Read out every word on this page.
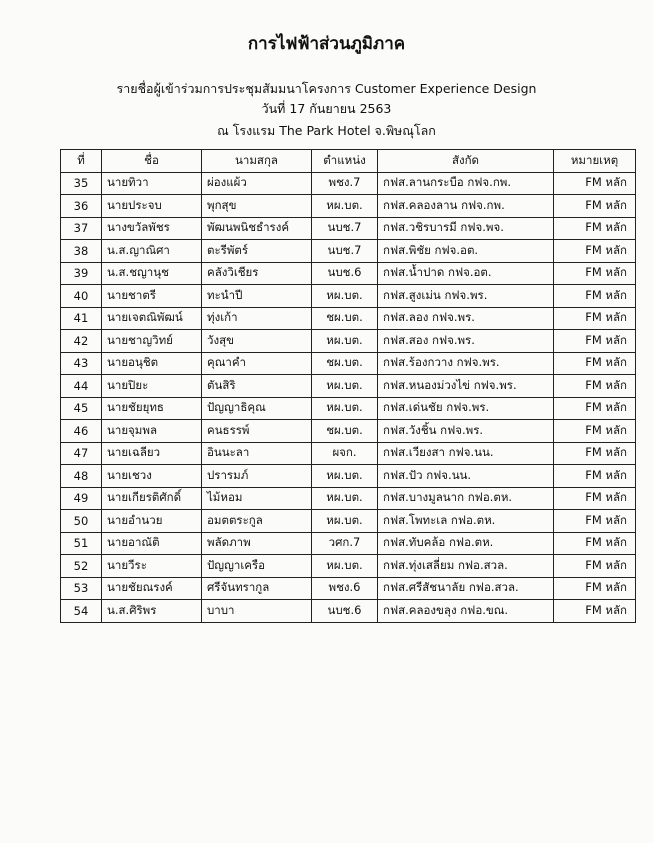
การไฟฟ้าส่วนภูมิภาค
รายชื่อผู้เข้าร่วมการประชุมสัมมนาโครงการ Customer Experience Design
วันที่ 17 กันยายน 2563
ณ โรงแรม The Park Hotel จ.พิษณุโลก
ที่	ชื่อ	นามสกุล	ตำแหน่ง	สังกัด	หมายเหตุ
35	นายทิวา	ผ่องแผ้ว	พชง.7	กฟส.ลานกระบือ กฟจ.กพ.	FM หลัก
36	นายประจบ	พุกสุข	หผ.บต.	กฟส.คลองลาน กฟจ.กพ.	FM หลัก
37	นางขวัลพัชร	พัฒนพนิชธำรงค์	นบช.7	กฟส.วชิรบารมี กฟจ.พจ.	FM หลัก
38	น.ส.ญาณิศา	ตะรีพัตร์	นบช.7	กฟส.พิชัย กฟจ.อต.	FM หลัก
39	น.ส.ชญานุช	คลังวิเชียร	นบช.6	กฟส.น้ำปาด กฟจ.อต.	FM หลัก
40	นายชาตรี	ทะนำปี	หผ.บต.	กฟส.สูงเม่น กฟจ.พร.	FM หลัก
41	นายเจตณิพัฒน์	ทุ่งเก้า	ชผ.บต.	กฟส.ลอง กฟจ.พร.	FM หลัก
42	นายชาญวิทย์	วังสุข	หผ.บต.	กฟส.สอง กฟจ.พร.	FM หลัก
43	นายอนุชิต	คุณาคำ	ชผ.บต.	กฟส.ร้องกวาง กฟจ.พร.	FM หลัก
44	นายปิยะ	ตันสิริ	หผ.บต.	กฟส.หนองม่วงไข่ กฟจ.พร.	FM หลัก
45	นายชัยยุทธ	ปัญญาธิคุณ	หผ.บต.	กฟส.เด่นชัย กฟจ.พร.	FM หลัก
46	นายจุมพล	คนธรรพ์	ชผ.บต.	กฟส.วังชิ้น กฟจ.พร.	FM หลัก
47	นายเฉลียว	อินนะลา	ผจก.	กฟส.เวียงสา กฟจ.นน.	FM หลัก
48	นายเชวง	ปรารมภ์	หผ.บต.	กฟส.ปัว กฟจ.นน.	FM หลัก
49	นายเกียรติศักดิ์	ไม้หอม	หผ.บต.	กฟส.บางมูลนาก กฟอ.ตห.	FM หลัก
50	นายอำนวย	อมตตระกูล	หผ.บต.	กฟส.โพทะเล กฟอ.ตห.	FM หลัก
51	นายอาณัติ	พลัดภาพ	วศก.7	กฟส.ทับคล้อ กฟอ.ตห.	FM หลัก
52	นายวีระ	ปัญญาเครือ	หผ.บต.	กฟส.ทุ่งเสลี่ยม กฟอ.สวล.	FM หลัก
53	นายชัยณรงค์	ศรีจันทรากูล	พชง.6	กฟส.ศรีสัชนาลัย กฟอ.สวล.	FM หลัก
54	น.ส.ศิริพร	บาบา	นบช.6	กฟส.คลองขลุง กฟอ.ขณ.	FM หลัก
